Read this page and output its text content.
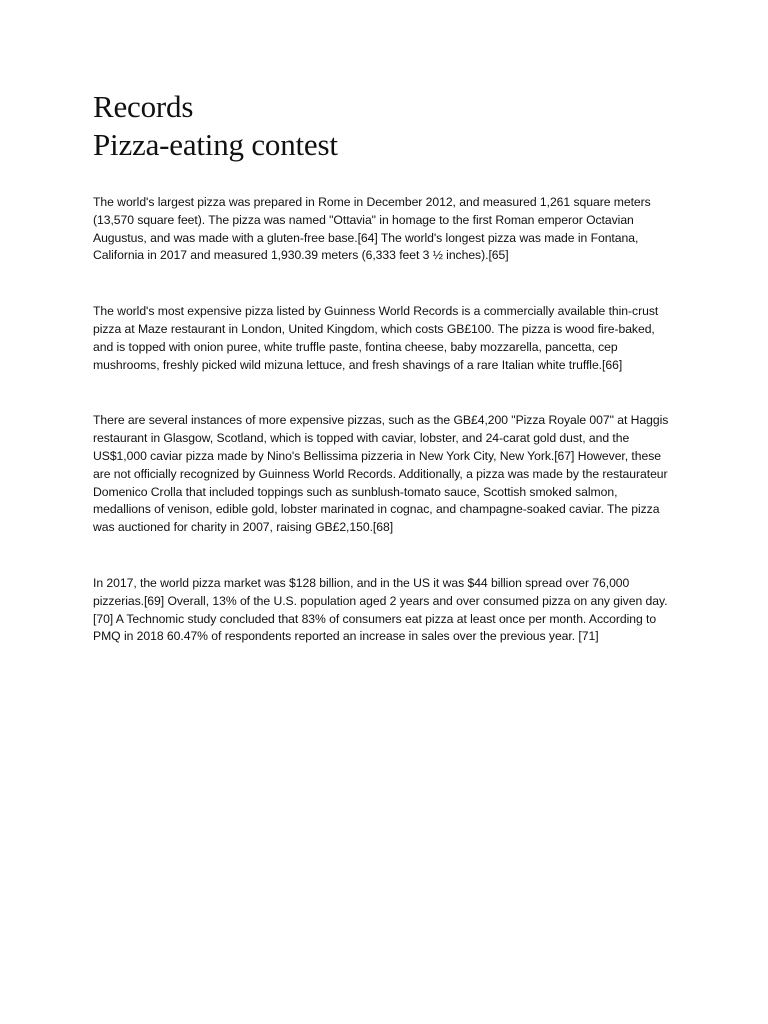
Records
Pizza-eating contest

The world's largest pizza was prepared in Rome in December 2012, and measured 1,261 square meters (13,570 square feet). The pizza was named "Ottavia" in homage to the first Roman emperor Octavian Augustus, and was made with a gluten-free base.[64] The world's longest pizza was made in Fontana, California in 2017 and measured 1,930.39 meters (6,333 feet 3 ½ inches).[65]

The world's most expensive pizza listed by Guinness World Records is a commercially available thin-crust pizza at Maze restaurant in London, United Kingdom, which costs GB£100. The pizza is wood fire-baked, and is topped with onion puree, white truffle paste, fontina cheese, baby mozzarella, pancetta, cep mushrooms, freshly picked wild mizuna lettuce, and fresh shavings of a rare Italian white truffle.[66]

There are several instances of more expensive pizzas, such as the GB£4,200 "Pizza Royale 007" at Haggis restaurant in Glasgow, Scotland, which is topped with caviar, lobster, and 24-carat gold dust, and the US$1,000 caviar pizza made by Nino's Bellissima pizzeria in New York City, New York.[67] However, these are not officially recognized by Guinness World Records. Additionally, a pizza was made by the restaurateur Domenico Crolla that included toppings such as sunblush-tomato sauce, Scottish smoked salmon, medallions of venison, edible gold, lobster marinated in cognac, and champagne-soaked caviar. The pizza was auctioned for charity in 2007, raising GB£2,150.[68]

In 2017, the world pizza market was $128 billion, and in the US it was $44 billion spread over 76,000 pizzerias.[69] Overall, 13% of the U.S. population aged 2 years and over consumed pizza on any given day.[70] A Technomic study concluded that 83% of consumers eat pizza at least once per month. According to PMQ in 2018 60.47% of respondents reported an increase in sales over the previous year. [71]
